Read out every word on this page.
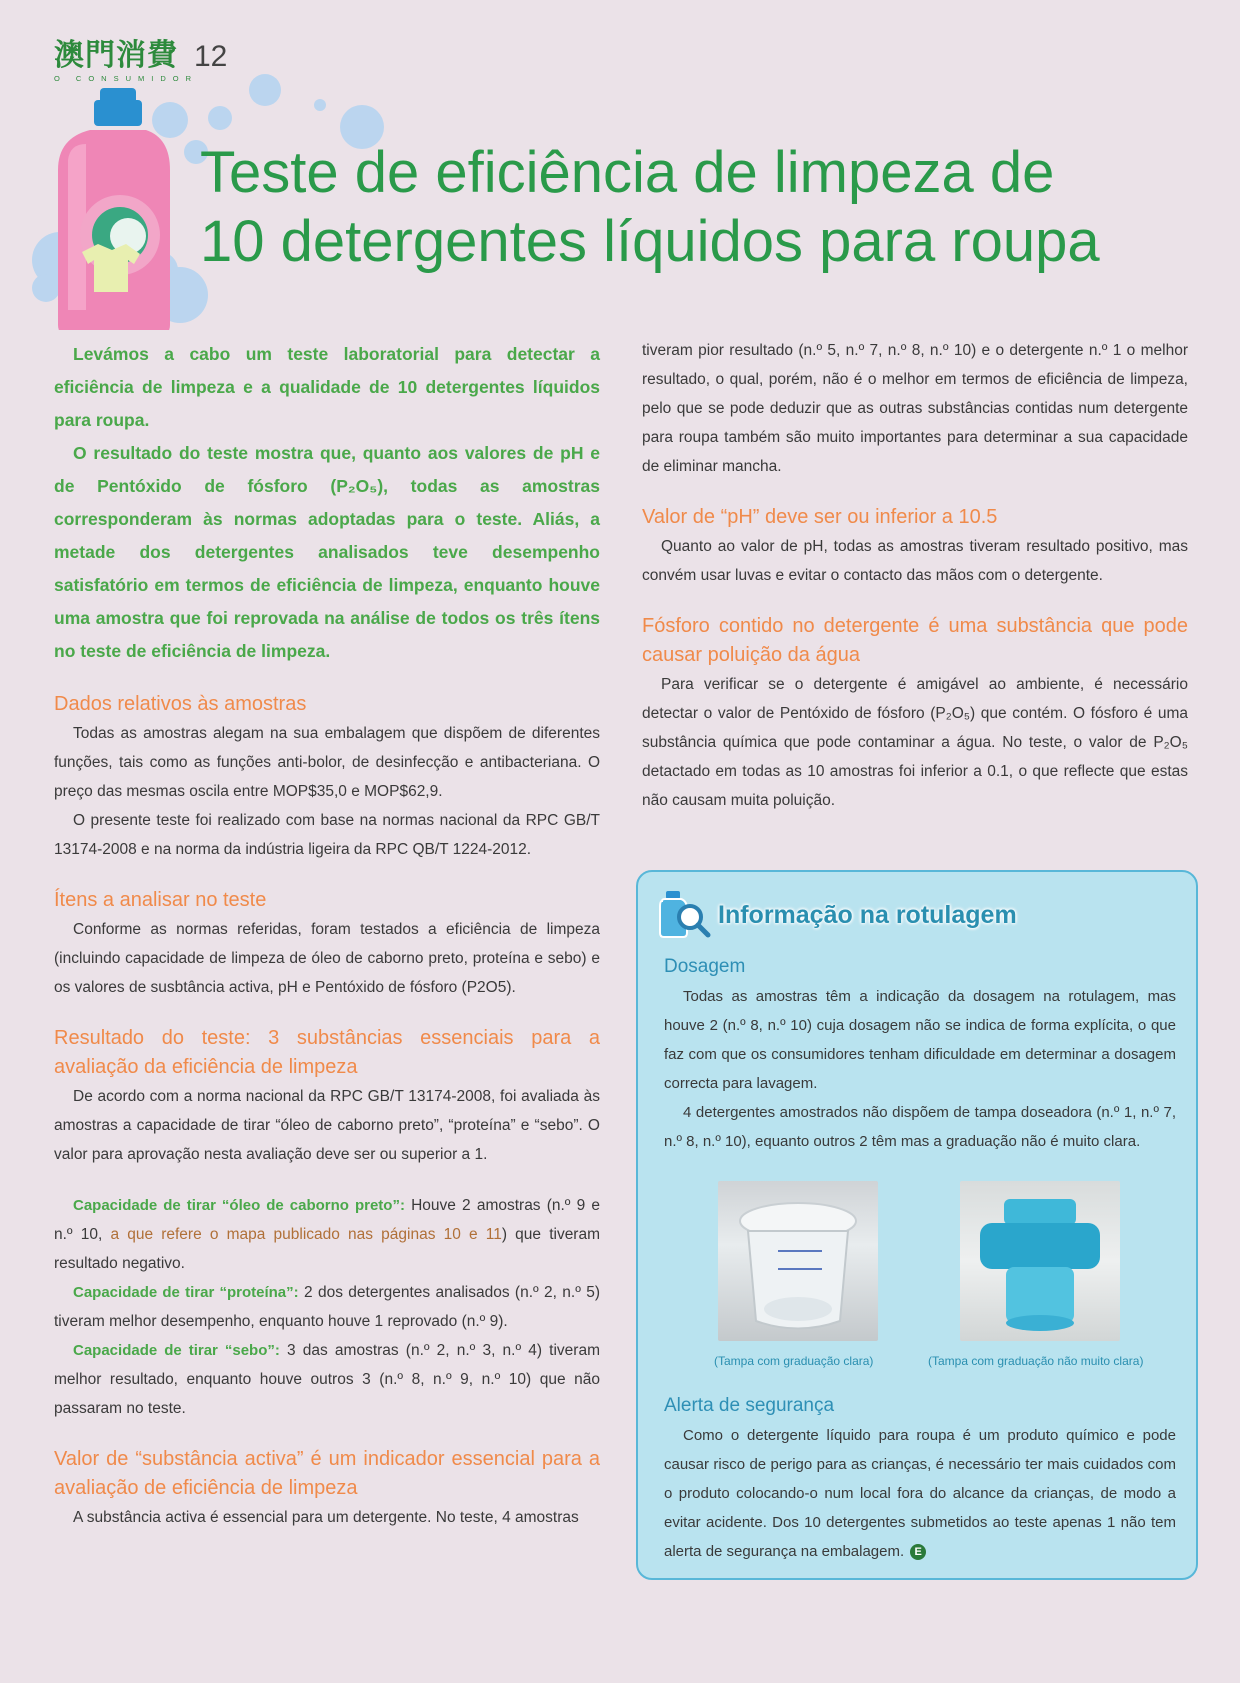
澳門消費
O CONSUMIDOR
12
Teste de eficiência de limpeza de
10 detergentes líquidos para roupa

Levámos a cabo um teste laboratorial para detectar a eficiência de limpeza e a qualidade de 10 detergentes líquidos para roupa.

O resultado do teste mostra que, quanto aos valores de pH e de Pentóxido de fósforo (P₂O₅), todas as amostras corresponderam às normas adoptadas para o teste. Aliás, a metade dos detergentes analisados teve desempenho satisfatório em termos de eficiência de limpeza, enquanto houve uma amostra que foi reprovada na análise de todos os três ítens no teste de eficiência de limpeza.

Dados relativos às amostras

Todas as amostras alegam na sua embalagem que dispõem de diferentes funções, tais como as funções anti-bolor, de desinfecção e antibacteriana. O preço das mesmas oscila entre MOP$35,0 e MOP$62,9.

O presente teste foi realizado com base na normas nacional da RPC GB/T 13174-2008 e na norma da indústria ligeira da RPC QB/T 1224-2012.

Ítens a analisar no teste

Conforme as normas referidas, foram testados a eficiência de limpeza (incluindo capacidade de limpeza de óleo de caborno preto, proteína e sebo) e os valores de susbtância activa, pH e Pentóxido de fósforo (P2O5).

Resultado do teste: 3 substâncias essenciais para a avaliação da eficiência de limpeza

De acordo com a norma nacional da RPC GB/T 13174-2008, foi avaliada às amostras a capacidade de tirar “óleo de caborno preto”, “proteína” e “sebo”. O valor para aprovação nesta avaliação deve ser ou superior a 1.

Capacidade de tirar “óleo de caborno preto”: Houve 2 amostras (n.º 9 e n.º 10, a que refere o mapa publicado nas páginas 10 e 11) que tiveram resultado negativo.

Capacidade de tirar “proteína”: 2 dos detergentes analisados (n.º 2, n.º 5) tiveram melhor desempenho, enquanto houve 1 reprovado (n.º 9).

Capacidade de tirar “sebo”: 3 das amostras (n.º 2, n.º 3, n.º 4) tiveram melhor resultado, enquanto houve outros 3 (n.º 8, n.º 9, n.º 10) que não passaram no teste.

Valor de “substância activa” é um indicador essencial para a avaliação de eficiência de limpeza

A substância activa é essencial para um detergente. No teste, 4 amostras

tiveram pior resultado (n.º 5, n.º 7, n.º 8, n.º 10) e o detergente n.º 1 o melhor resultado, o qual, porém, não é o melhor em termos de eficiência de limpeza, pelo que se pode deduzir que as outras substâncias contidas num detergente para roupa também são muito importantes para determinar a sua capacidade de eliminar mancha.

Valor de “pH” deve ser ou inferior a 10.5

Quanto ao valor de pH, todas as amostras tiveram resultado positivo, mas convém usar luvas e evitar o contacto das mãos com o detergente.

Fósforo contido no detergente é uma substância que pode causar poluição da água

Para verificar se o detergente é amigável ao ambiente, é necessário detectar o valor de Pentóxido de fósforo (P₂O₅) que contém. O fósforo é uma substância química que pode contaminar a água. No teste, o valor de P₂O₅ detactado em todas as 10 amostras foi inferior a 0.1, o que reflecte que estas não causam muita poluição.

Informação na rotulagem
Dosagem

Todas as amostras têm a indicação da dosagem na rotulagem, mas houve 2 (n.º 8, n.º 10) cuja dosagem não se indica de forma explícita, o que faz com que os consumidores tenham dificuldade em determinar a dosagem correcta para lavagem.

4 detergentes amostrados não dispõem de tampa doseadora (n.º 1, n.º 7, n.º 8, n.º 10), equanto outros 2 têm mas a graduação não é muito clara.

(Tampa com graduação clara)	(Tampa com graduação não muito clara)
Alerta de segurança

Como o detergente líquido para roupa é um produto químico e pode causar risco de perigo para as crianças, é necessário ter mais cuidados com o produto colocando-o num local fora do alcance da crianças, de modo a evitar acidente. Dos 10 detergentes submetidos ao teste apenas 1 não tem alerta de segurança na embalagem. E
